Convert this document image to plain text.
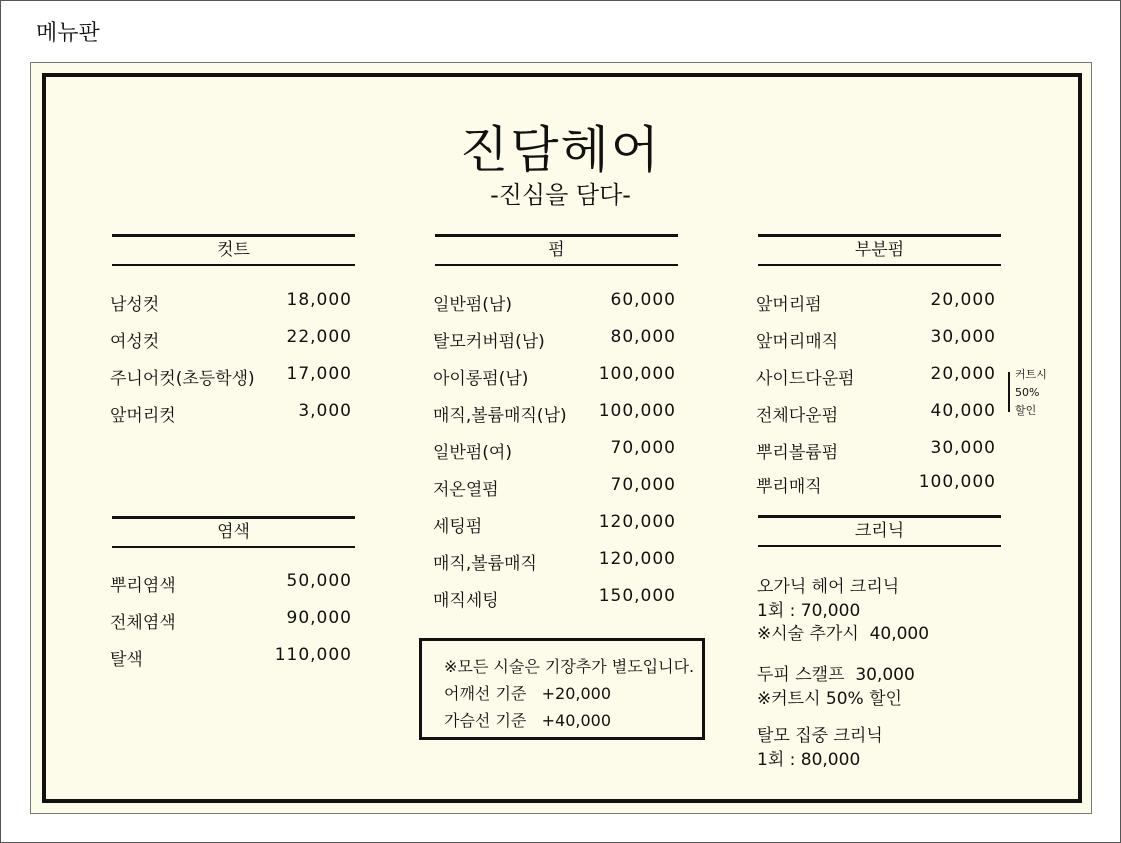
메뉴판
진담헤어
-진심을 담다-
컷트
남성컷	18,000
여성컷	22,000
주니어컷(초등학생) 17,000
앞머리컷	3,000
염색
뿌리염색	50,000
전체염색	90,000
탈색	110,000
펌
일반펌(남)	60,000
탈모커버펌(남)	80,000
아이롱펌(남)	100,000
매직,볼륨매직(남) 100,000
일반펌(여)	70,000
저온열펌	70,000
세팅펌	120,000
매직,볼륨매직	120,000
매직세팅	150,000
※모든 시술은 기장추가 별도입니다.
어깨선 기준   +20,000
가슴선 기준   +40,000
부분펌
앞머리펌	20,000
앞머리매직	30,000
사이드다운펌	20,000
전체다운펌	40,000
뿌리볼륨펌	30,000
뿌리매직	100,000
커트시
50%
할인
크리닉
오가닉 헤어 크리닉
1회 : 70,000
※시술 추가시  40,000
두피 스캘프  30,000
※커트시 50% 할인
탈모 집중 크리닉
1회 : 80,000
